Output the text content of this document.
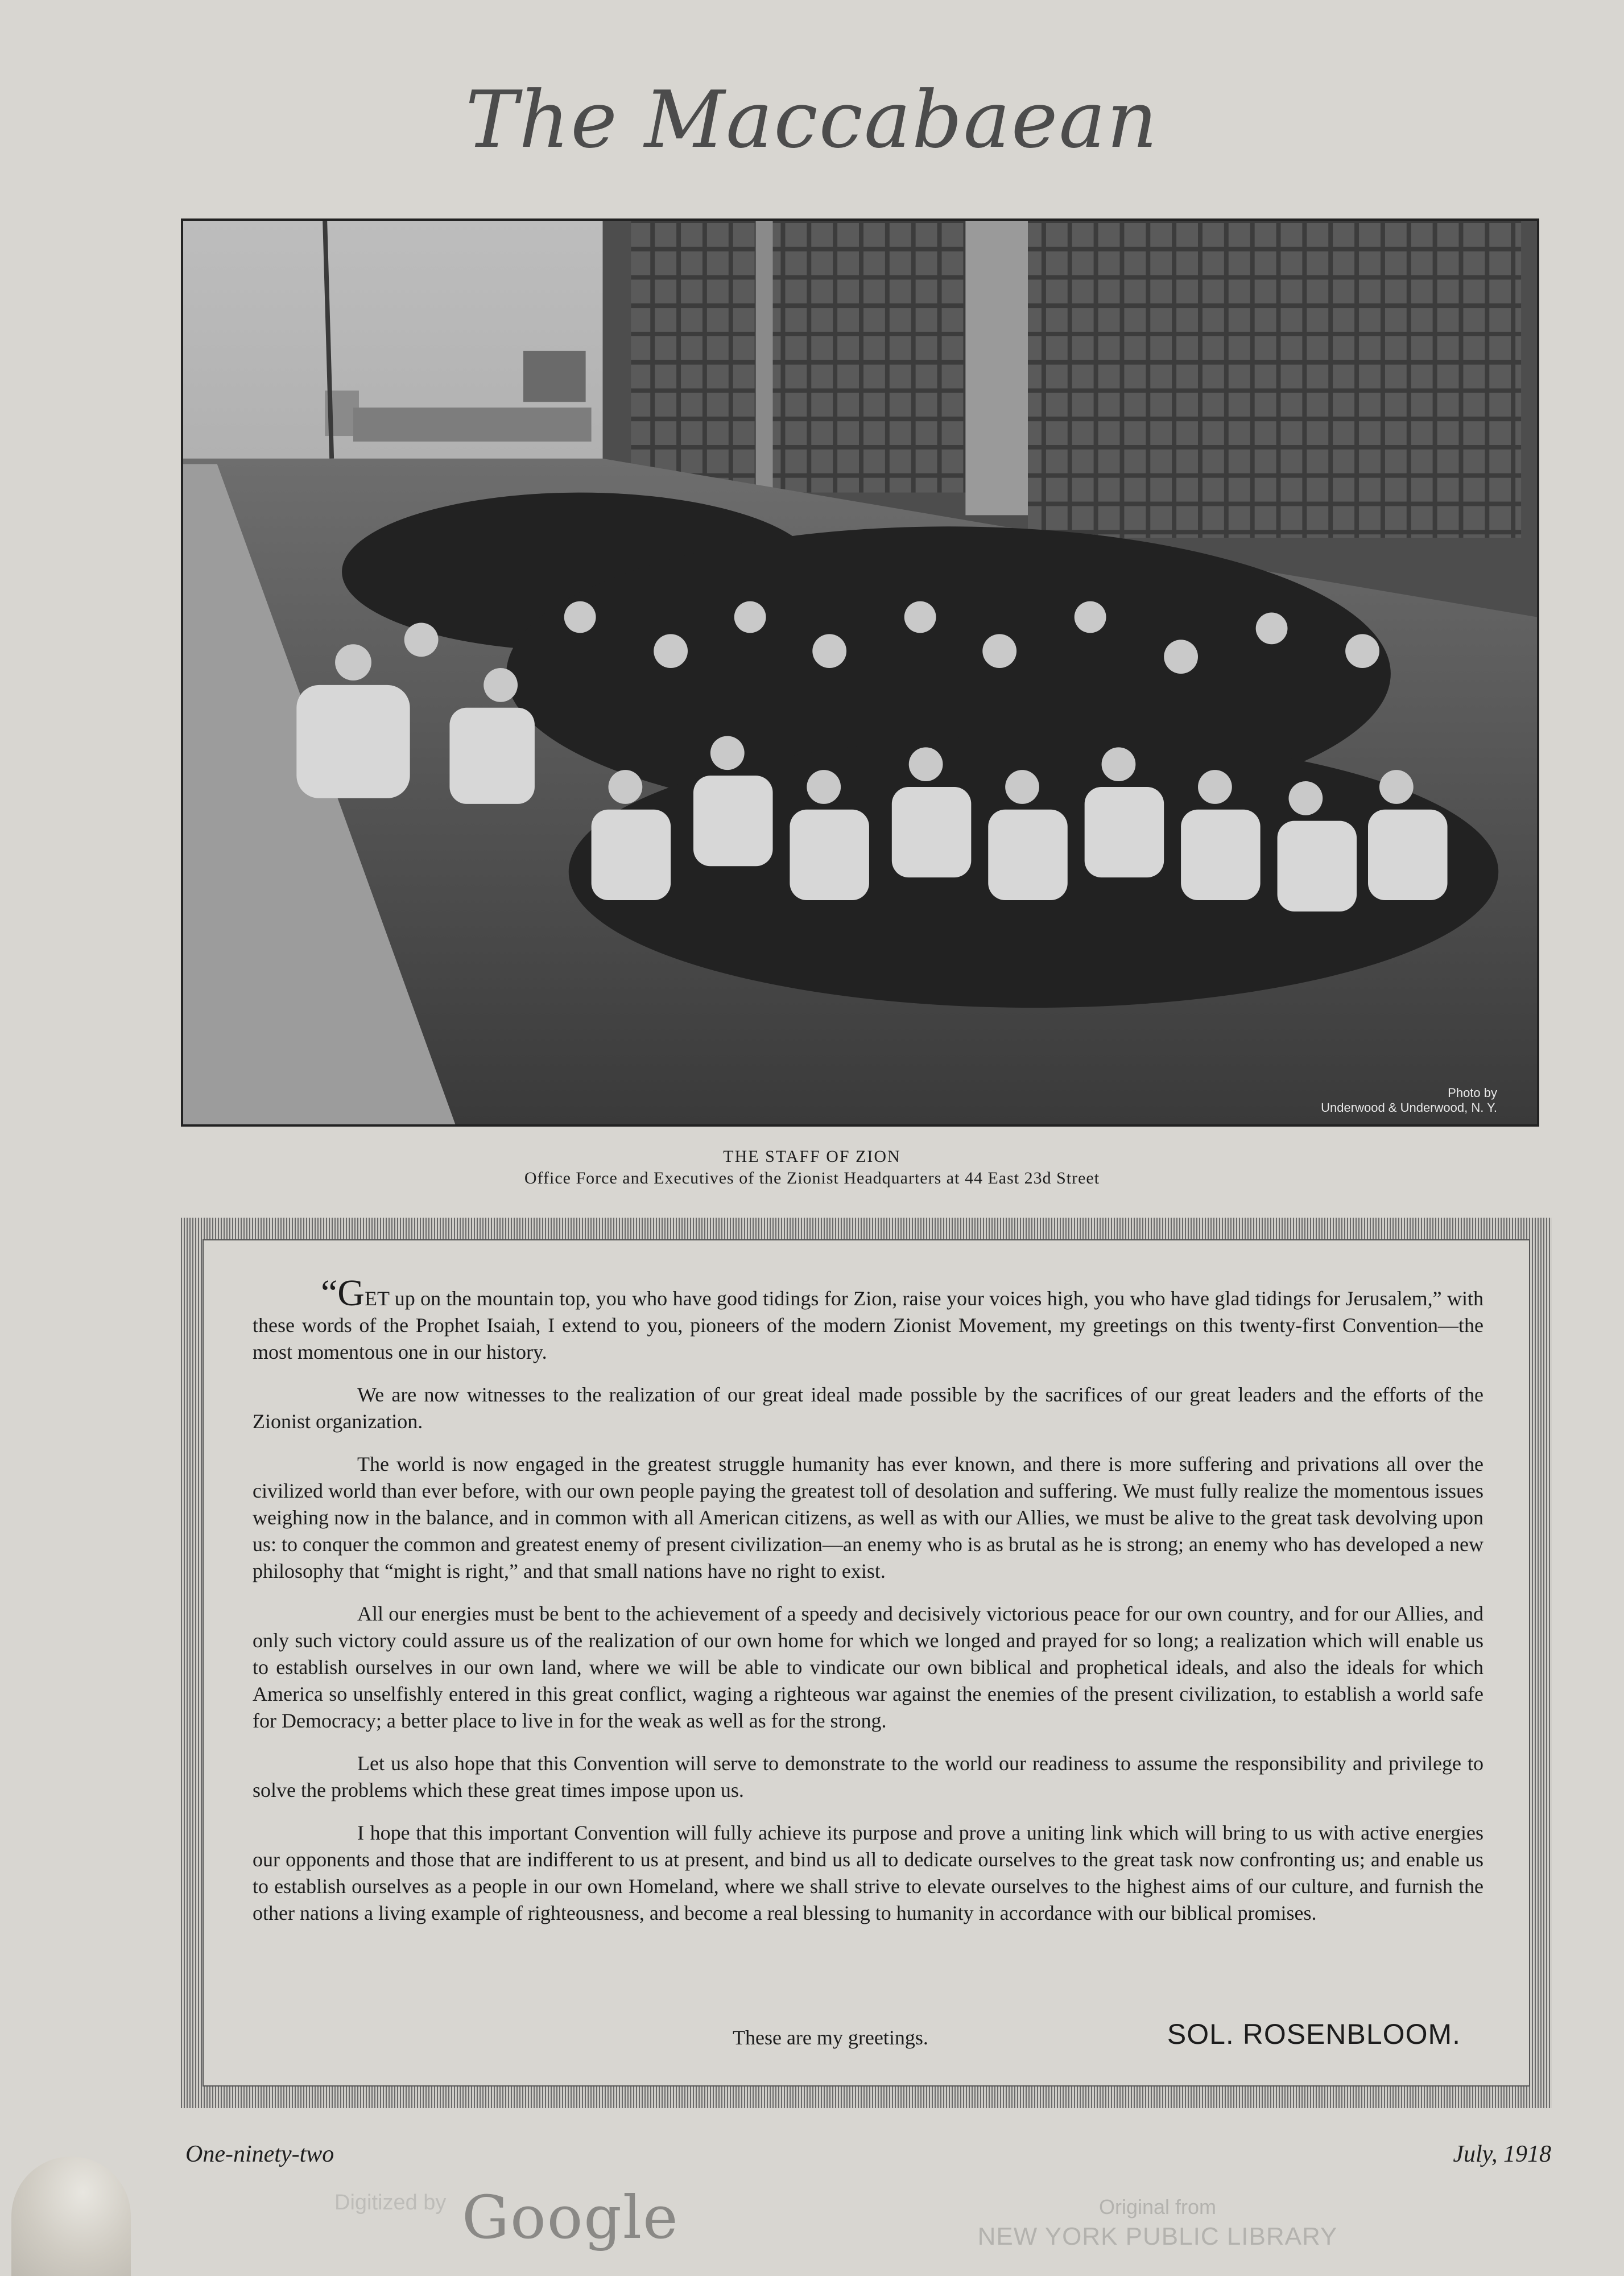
The Maccabaean
Photo by
Underwood & Underwood, N. Y.
THE STAFF OF ZION
Office Force and Executives of the Zionist Headquarters at 44 East 23d Street

“GET up on the mountain top, you who have good tidings for Zion, raise your voices high, you who have glad tidings for Jerusalem,” with these words of the Prophet Isaiah, I extend to you, pioneers of the modern Zionist Movement, my greetings on this twenty-first Convention—the most momentous one in our history.

We are now witnesses to the realization of our great ideal made possible by the sacrifices of our great leaders and the efforts of the Zionist organization.

The world is now engaged in the greatest struggle humanity has ever known, and there is more suffering and privations all over the civilized world than ever before, with our own people paying the greatest toll of desolation and suffering. We must fully realize the momentous issues weighing now in the balance, and in common with all American citizens, as well as with our Allies, we must be alive to the great task devolving upon us: to conquer the common and greatest enemy of present civilization—an enemy who is as brutal as he is strong; an enemy who has developed a new philosophy that “might is right,” and that small nations have no right to exist.

All our energies must be bent to the achievement of a speedy and decisively victorious peace for our own country, and for our Allies, and only such victory could assure us of the realization of our own home for which we longed and prayed for so long; a realization which will enable us to establish ourselves in our own land, where we will be able to vindicate our own biblical and prophetical ideals, and also the ideals for which America so unselfishly entered in this great conflict, waging a righteous war against the enemies of the present civilization, to establish a world safe for Democracy; a better place to live in for the weak as well as for the strong.

Let us also hope that this Convention will serve to demonstrate to the world our readiness to assume the responsibility and privilege to solve the problems which these great times impose upon us.

I hope that this important Convention will fully achieve its purpose and prove a uniting link which will bring to us with active energies our opponents and those that are indifferent to us at present, and bind us all to dedicate ourselves to the great task now confronting us; and enable us to establish ourselves as a people in our own Homeland, where we shall strive to elevate ourselves to the highest aims of our culture, and furnish the other nations a living example of righteousness, and become a real blessing to humanity in accordance with our biblical promises.

These are my greetings.	SOL. ROSENBLOOM.
One-ninety-two	July, 1918
Digitized by Google	Original from
NEW YORK PUBLIC LIBRARY
